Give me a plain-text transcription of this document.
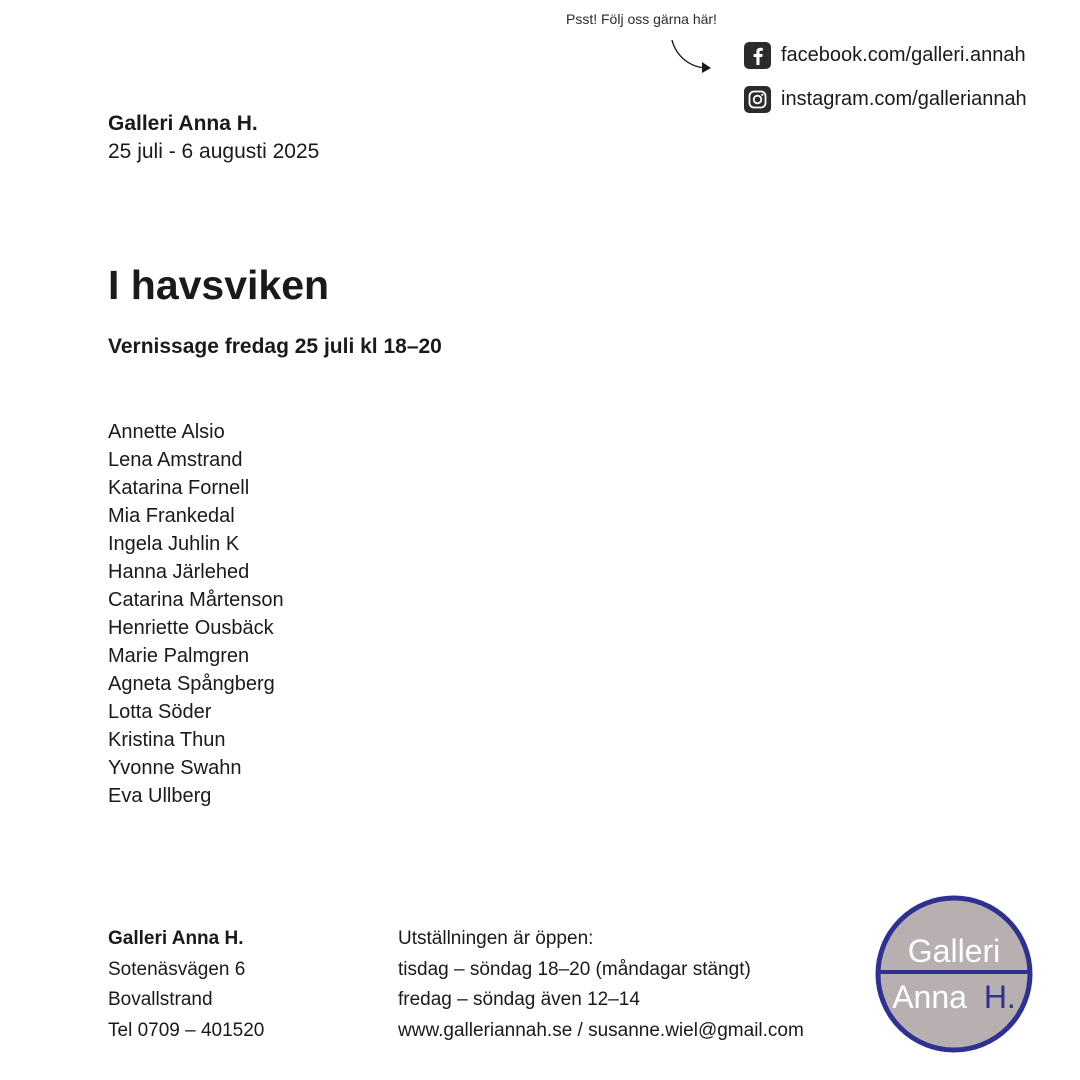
Psst! Följ oss gärna här!
facebook.com/galleri.annah
instagram.com/galleriannah
Galleri Anna H.
25 juli - 6 augusti 2025
I havsviken
Vernissage fredag 25 juli kl 18–20
Annette Alsio
Lena Amstrand
Katarina Fornell
Mia Frankedal
Ingela Juhlin K
Hanna Järlehed
Catarina Mårtenson
Henriette Ousbäck
Marie Palmgren
Agneta Spångberg
Lotta Söder
Kristina Thun
Yvonne Swahn
Eva Ullberg
Galleri Anna H.
Sotenäsvägen 6
Bovallstrand
Tel 0709 – 401520
Utställningen är öppen:
tisdag – söndag 18–20 (måndagar stängt)
fredag – söndag även 12–14
www.galleriannah.se / susanne.wiel@gmail.com
Galleri
Anna H.
